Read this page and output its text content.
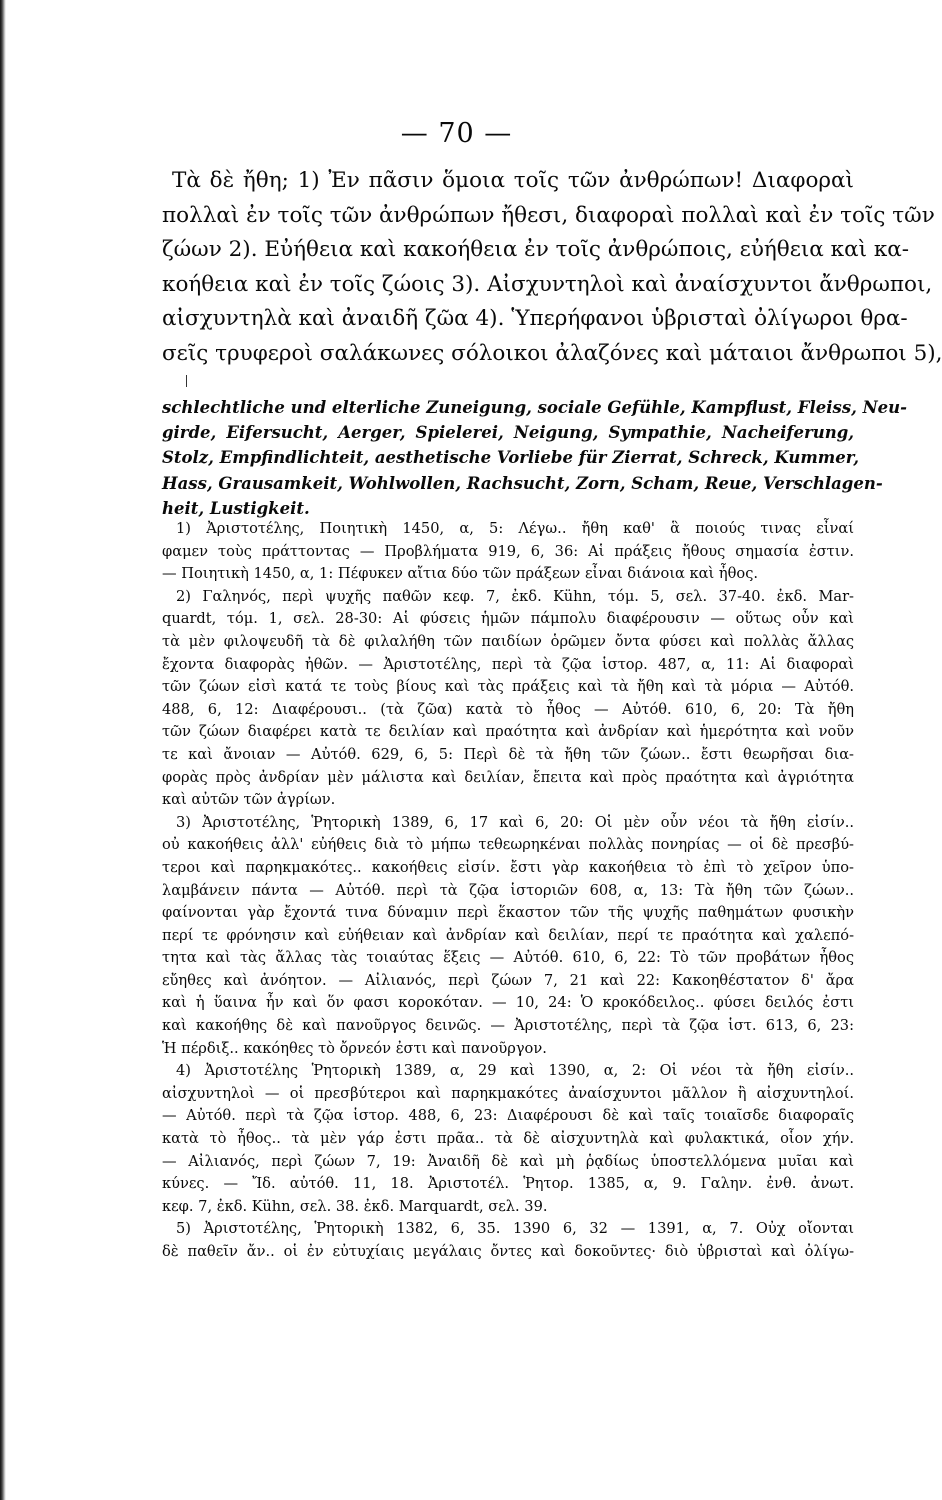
— 70 —
Τὰ δὲ ἤθη; 1) Ἐν πᾶσιν ὅμοια τοῖς τῶν ἀνθρώπων! Διαφοραὶ
πολλαὶ ἐν τοῖς τῶν ἀνθρώπων ἤθεσι, διαφοραὶ πολλαὶ καὶ ἐν τοῖς τῶν
ζώων 2). Εὐήθεια καὶ κακοήθεια ἐν τοῖς ἀνθρώποις, εὐήθεια καὶ κα-
κοήθεια καὶ ἐν τοῖς ζώοις 3). Αἰσχυντηλοὶ καὶ ἀναίσχυντοι ἄνθρωποι,
αἰσχυντηλὰ καὶ ἀναιδῆ ζῶα 4). Ὑπερήφανοι ὑβρισταὶ ὀλίγωροι θρα-
σεῖς τρυφεροὶ σαλάκωνες σόλοικοι ἀλαζόνες καὶ μάταιοι ἄνθρωποι 5),
schlechtliche und elterliche Zuneigung, sociale Gefühle, Kampflust, Fleiss, Neu-
girde, Eifersucht, Aerger, Spielerei, Neigung, Sympathie, Nacheiferung,
Stolz, Empfindlichteit, aesthetische Vorliebe für Zierrat, Schreck, Kummer,
Hass, Grausamkeit, Wohlwollen, Rachsucht, Zorn, Scham, Reue, Verschlagen-
heit, Lustigkeit.
1) Ἀριστοτέλης, Ποιητικὴ 1450, α, 5: Λέγω.. ἤθη καθ' ἃ ποιούς τινας εἶναί
φαμεν τοὺς πράττοντας — Προβλήματα 919, 6, 36: Αἱ πράξεις ἤθους σημασία ἐστιν.
— Ποιητικὴ 1450, α, 1: Πέφυκεν αἴτια δύο τῶν πράξεων εἶναι διάνοια καὶ ἦθος.
2) Γαληνός, περὶ ψυχῆς παθῶν κεφ. 7, ἐκδ. Kühn, τόμ. 5, σελ. 37-40. ἐκδ. Mar-
quardt, τόμ. 1, σελ. 28-30: Αἱ φύσεις ἡμῶν πάμπολυ διαφέρουσιν — οὕτως οὖν καὶ
τὰ μὲν φιλοψευδῆ τὰ δὲ φιλαλήθη τῶν παιδίων ὁρῶμεν ὄντα φύσει καὶ πολλὰς ἄλλας
ἔχοντα διαφορὰς ἠθῶν. — Ἀριστοτέλης, περὶ τὰ ζῷα ἱστορ. 487, α, 11: Αἱ διαφοραὶ
τῶν ζώων εἰσὶ κατά τε τοὺς βίους καὶ τὰς πράξεις καὶ τὰ ἤθη καὶ τὰ μόρια — Αὐτόθ.
488, 6, 12: Διαφέρουσι.. (τὰ ζῶα) κατὰ τὸ ἦθος — Αὐτόθ. 610, 6, 20: Τὰ ἤθη
τῶν ζώων διαφέρει κατὰ τε δειλίαν καὶ πραότητα καὶ ἀνδρίαν καὶ ἡμερότητα καὶ νοῦν
τε καὶ ἄνοιαν — Αὐτόθ. 629, 6, 5: Περὶ δὲ τὰ ἤθη τῶν ζώων.. ἔστι θεωρῆσαι δια-
φορὰς πρὸς ἀνδρίαν μὲν μάλιστα καὶ δειλίαν, ἔπειτα καὶ πρὸς πραότητα καὶ ἀγριότητα
καὶ αὐτῶν τῶν ἀγρίων.
3) Ἀριστοτέλης, Ῥητορικὴ 1389, 6, 17 καὶ 6, 20: Οἱ μὲν οὖν νέοι τὰ ἤθη εἰσίν..
οὐ κακοήθεις ἀλλ' εὐήθεις διὰ τὸ μήπω τεθεωρηκέναι πολλὰς πονηρίας — οἱ δὲ πρεσβύ-
τεροι καὶ παρηκμακότες.. κακοήθεις εἰσίν. ἔστι γὰρ κακοήθεια τὸ ἐπὶ τὸ χεῖρον ὑπο-
λαμβάνειν πάντα — Αὐτόθ. περὶ τὰ ζῷα ἱστοριῶν 608, α, 13: Τὰ ἤθη τῶν ζώων..
φαίνονται γὰρ ἔχοντά τινα δύναμιν περὶ ἕκαστον τῶν τῆς ψυχῆς παθημάτων φυσικὴν
περί τε φρόνησιν καὶ εὐήθειαν καὶ ἀνδρίαν καὶ δειλίαν, περί τε πραότητα καὶ χαλεπό-
τητα καὶ τὰς ἄλλας τὰς τοιαύτας ἕξεις — Αὐτόθ. 610, 6, 22: Τὸ τῶν προβάτων ἦθος
εὔηθες καὶ ἀνόητον. — Αἰλιανός, περὶ ζώων 7, 21 καὶ 22: Κακοηθέστατον δ' ἄρα
καὶ ἡ ὕαινα ἦν καὶ ὅν φασι κοροκόταν. — 10, 24: Ὁ κροκόδειλος.. φύσει δειλός ἐστι
καὶ κακοήθης δὲ καὶ πανοῦργος δεινῶς. — Ἀριστοτέλης, περὶ τὰ ζῷα ἱστ. 613, 6, 23:
Ἡ πέρδιξ.. κακόηθες τὸ ὄρνεόν ἐστι καὶ πανοῦργον.
4) Ἀριστοτέλης Ῥητορικὴ 1389, α, 29 καὶ 1390, α, 2: Οἱ νέοι τὰ ἤθη εἰσίν..
αἰσχυντηλοὶ — οἱ πρεσβύτεροι καὶ παρηκμακότες ἀναίσχυντοι μᾶλλον ἢ αἰσχυντηλοί.
— Αὐτόθ. περὶ τὰ ζῷα ἱστορ. 488, 6, 23: Διαφέρουσι δὲ καὶ ταῖς τοιαῖσδε διαφοραῖς
κατὰ τὸ ἦθος.. τὰ μὲν γάρ ἐστι πρᾶα.. τὰ δὲ αἰσχυντηλὰ καὶ φυλακτικά, οἷον χήν.
— Αἰλιανός, περὶ ζώων 7, 19: Ἀναιδῆ δὲ καὶ μὴ ῥᾳδίως ὑποστελλόμενα μυῖαι καὶ
κύνες. — Ἴδ. αὐτόθ. 11, 18. Ἀριστοτέλ. Ῥητορ. 1385, α, 9. Γαλην. ἐνθ. ἀνωτ.
κεφ. 7, ἐκδ. Kühn, σελ. 38. ἐκδ. Marquardt, σελ. 39.
5) Ἀριστοτέλης, Ῥητορικὴ 1382, 6, 35. 1390 6, 32 — 1391, α, 7. Οὐχ οἴονται
δὲ παθεῖν ἄν.. οἱ ἐν εὐτυχίαις μεγάλαις ὄντες καὶ δοκοῦντες· διὸ ὑβρισταὶ καὶ ὀλίγω-
